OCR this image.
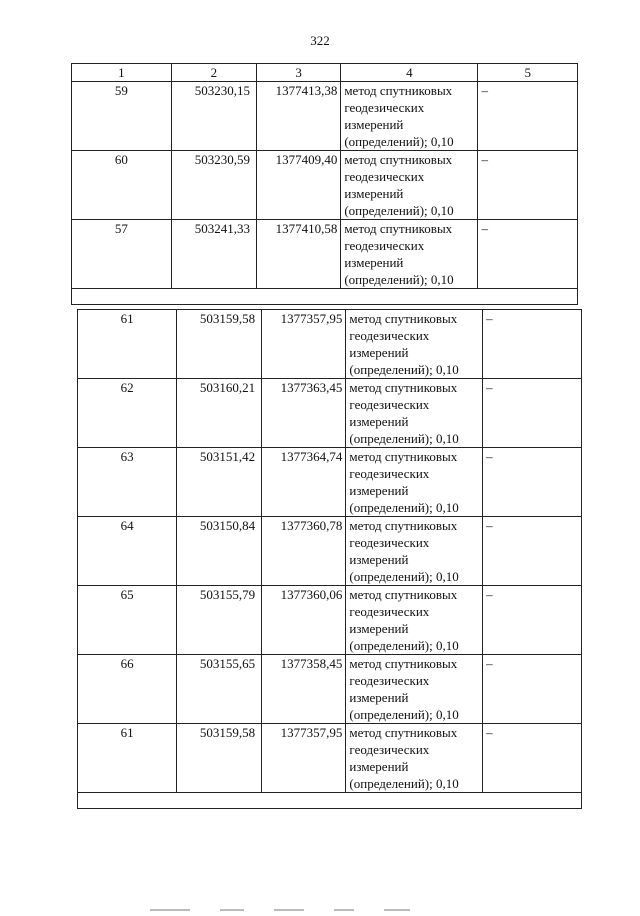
322
1	2	3	4	5
59	503230,15	1377413,38	метод спутниковых
геодезических
измерений
(определений); 0,10	–
60	503230,59	1377409,40	метод спутниковых
геодезических
измерений
(определений); 0,10	–
57	503241,33	1377410,58	метод спутниковых
геодезических
измерений
(определений); 0,10	–

61	503159,58	1377357,95	метод спутниковых
геодезических
измерений
(определений); 0,10	–
62	503160,21	1377363,45	метод спутниковых
геодезических
измерений
(определений); 0,10	–
63	503151,42	1377364,74	метод спутниковых
геодезических
измерений
(определений); 0,10	–
64	503150,84	1377360,78	метод спутниковых
геодезических
измерений
(определений); 0,10	–
65	503155,79	1377360,06	метод спутниковых
геодезических
измерений
(определений); 0,10	–
66	503155,65	1377358,45	метод спутниковых
геодезических
измерений
(определений); 0,10	–
61	503159,58	1377357,95	метод спутниковых
геодезических
измерений
(определений); 0,10	–
